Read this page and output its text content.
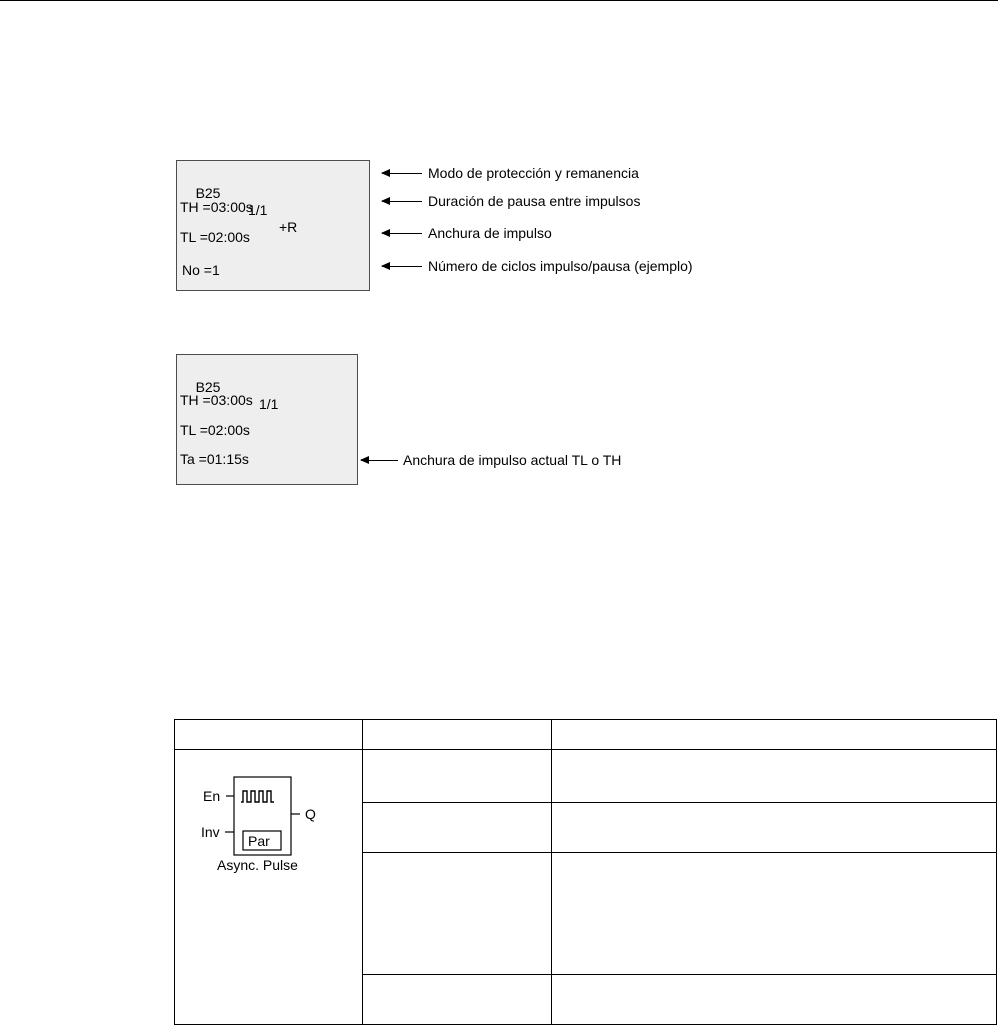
B25

1/1

+R

TH =03:00s
TL =02:00s
No =1
Modo de protección y remanencia
Duración de pausa entre impulsos
Anchura de impulso
Número de ciclos impulso/pausa (ejemplo)

B25

1/1

TH =03:00s
TL =02:00s
Ta =01:15s	Anchura de impulso actual TL o TH

En
Inv
Q
Par
Async. Pulse		
